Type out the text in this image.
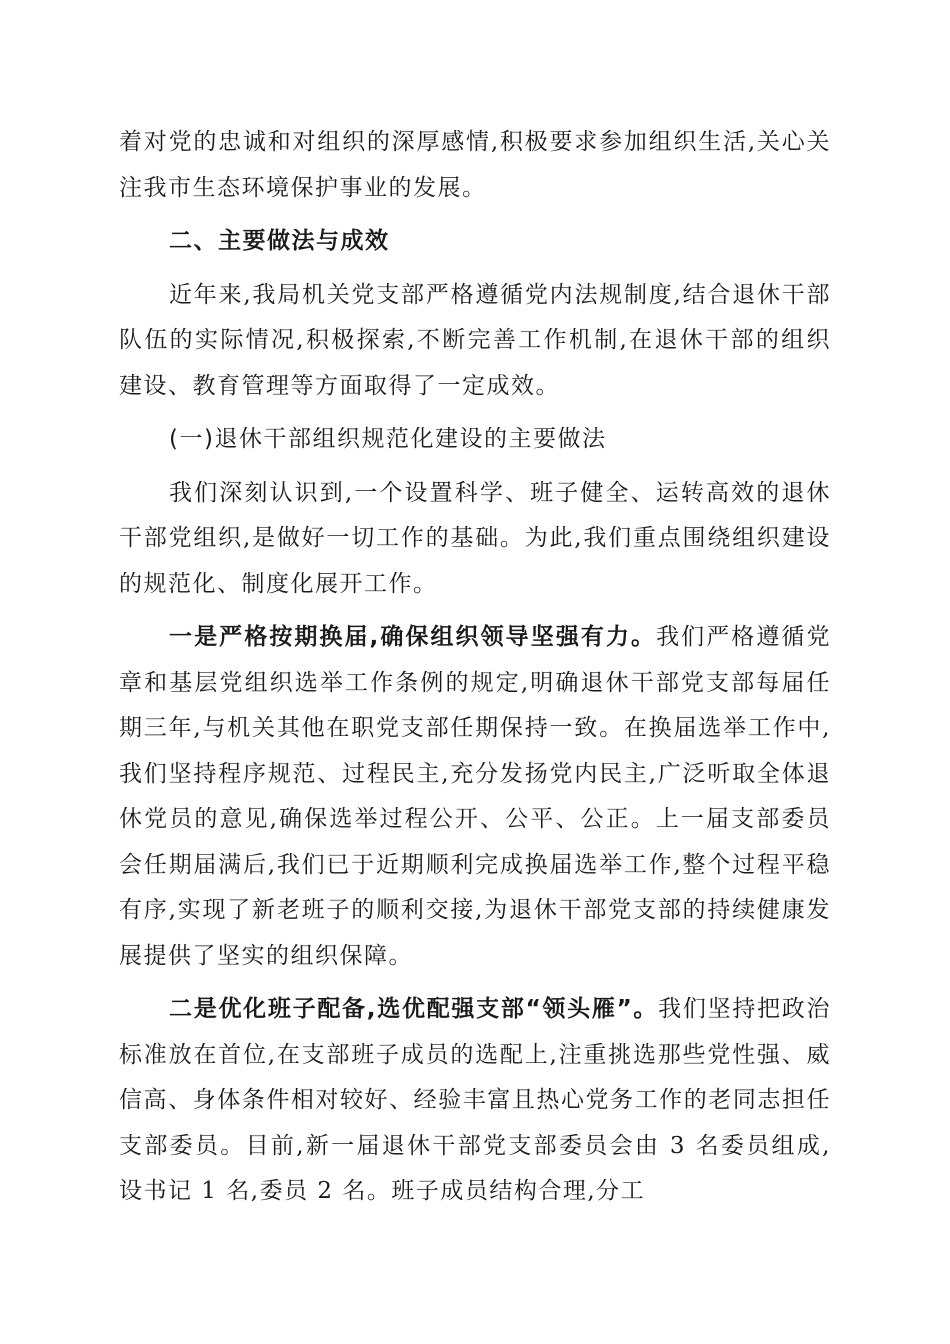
着对党的忠诚和对组织的深厚感情,积极要求参加组织生活,关心关注我市生态环境保护事业的发展。

二、主要做法与成效

近年来,我局机关党支部严格遵循党内法规制度,结合退休干部队伍的实际情况,积极探索,不断完善工作机制,在退休干部的组织建设、教育管理等方面取得了一定成效。

(一)退休干部组织规范化建设的主要做法

我们深刻认识到,一个设置科学、班子健全、运转高效的退休干部党组织,是做好一切工作的基础。为此,我们重点围绕组织建设的规范化、制度化展开工作。

一是严格按期换届,确保组织领导坚强有力。我们严格遵循党章和基层党组织选举工作条例的规定,明确退休干部党支部每届任期三年,与机关其他在职党支部任期保持一致。在换届选举工作中,我们坚持程序规范、过程民主,充分发扬党内民主,广泛听取全体退休党员的意见,确保选举过程公开、公平、公正。上一届支部委员会任期届满后,我们已于近期顺利完成换届选举工作,整个过程平稳有序,实现了新老班子的顺利交接,为退休干部党支部的持续健康发展提供了坚实的组织保障。

二是优化班子配备,选优配强支部“领头雁”。我们坚持把政治标准放在首位,在支部班子成员的选配上,注重挑选那些党性强、威信高、身体条件相对较好、经验丰富且热心党务工作的老同志担任支部委员。目前,新一届退休干部党支部委员会由 3 名委员组成,设书记 1 名,委员 2 名。班子成员结构合理,分工
